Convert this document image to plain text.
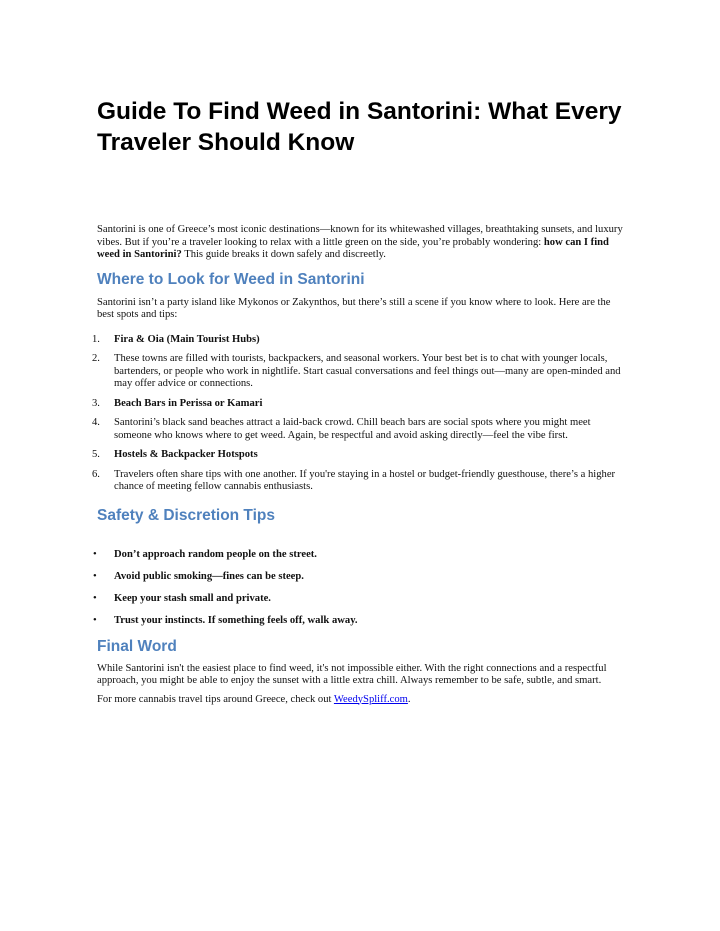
Guide To Find Weed in Santorini: What Every Traveler Should Know

Santorini is one of Greece’s most iconic destinations—known for its whitewashed villages, breathtaking sunsets, and luxury vibes. But if you’re a traveler looking to relax with a little green on the side, you’re probably wondering: how can I find weed in Santorini? This guide breaks it down safely and discreetly.

Where to Look for Weed in Santorini

Santorini isn’t a party island like Mykonos or Zakynthos, but there’s still a scene if you know where to look. Here are the best spots and tips:

1. Fira & Oia (Main Tourist Hubs)
2. These towns are filled with tourists, backpackers, and seasonal workers. Your best bet is to chat with younger locals, bartenders, or people who work in nightlife. Start casual conversations and feel things out—many are open-minded and may offer advice or connections.
3. Beach Bars in Perissa or Kamari
4. Santorini’s black sand beaches attract a laid-back crowd. Chill beach bars are social spots where you might meet someone who knows where to get weed. Again, be respectful and avoid asking directly—feel the vibe first.
5. Hostels & Backpacker Hotspots
6. Travelers often share tips with one another. If you're staying in a hostel or budget-friendly guesthouse, there’s a higher chance of meeting fellow cannabis enthusiasts.
Safety & Discretion Tips
• Don’t approach random people on the street.
• Avoid public smoking—fines can be steep.
• Keep your stash small and private.
• Trust your instincts. If something feels off, walk away.
Final Word

While Santorini isn't the easiest place to find weed, it's not impossible either. With the right connections and a respectful approach, you might be able to enjoy the sunset with a little extra chill. Always remember to be safe, subtle, and smart.

For more cannabis travel tips around Greece, check out WeedySpliff.com.
